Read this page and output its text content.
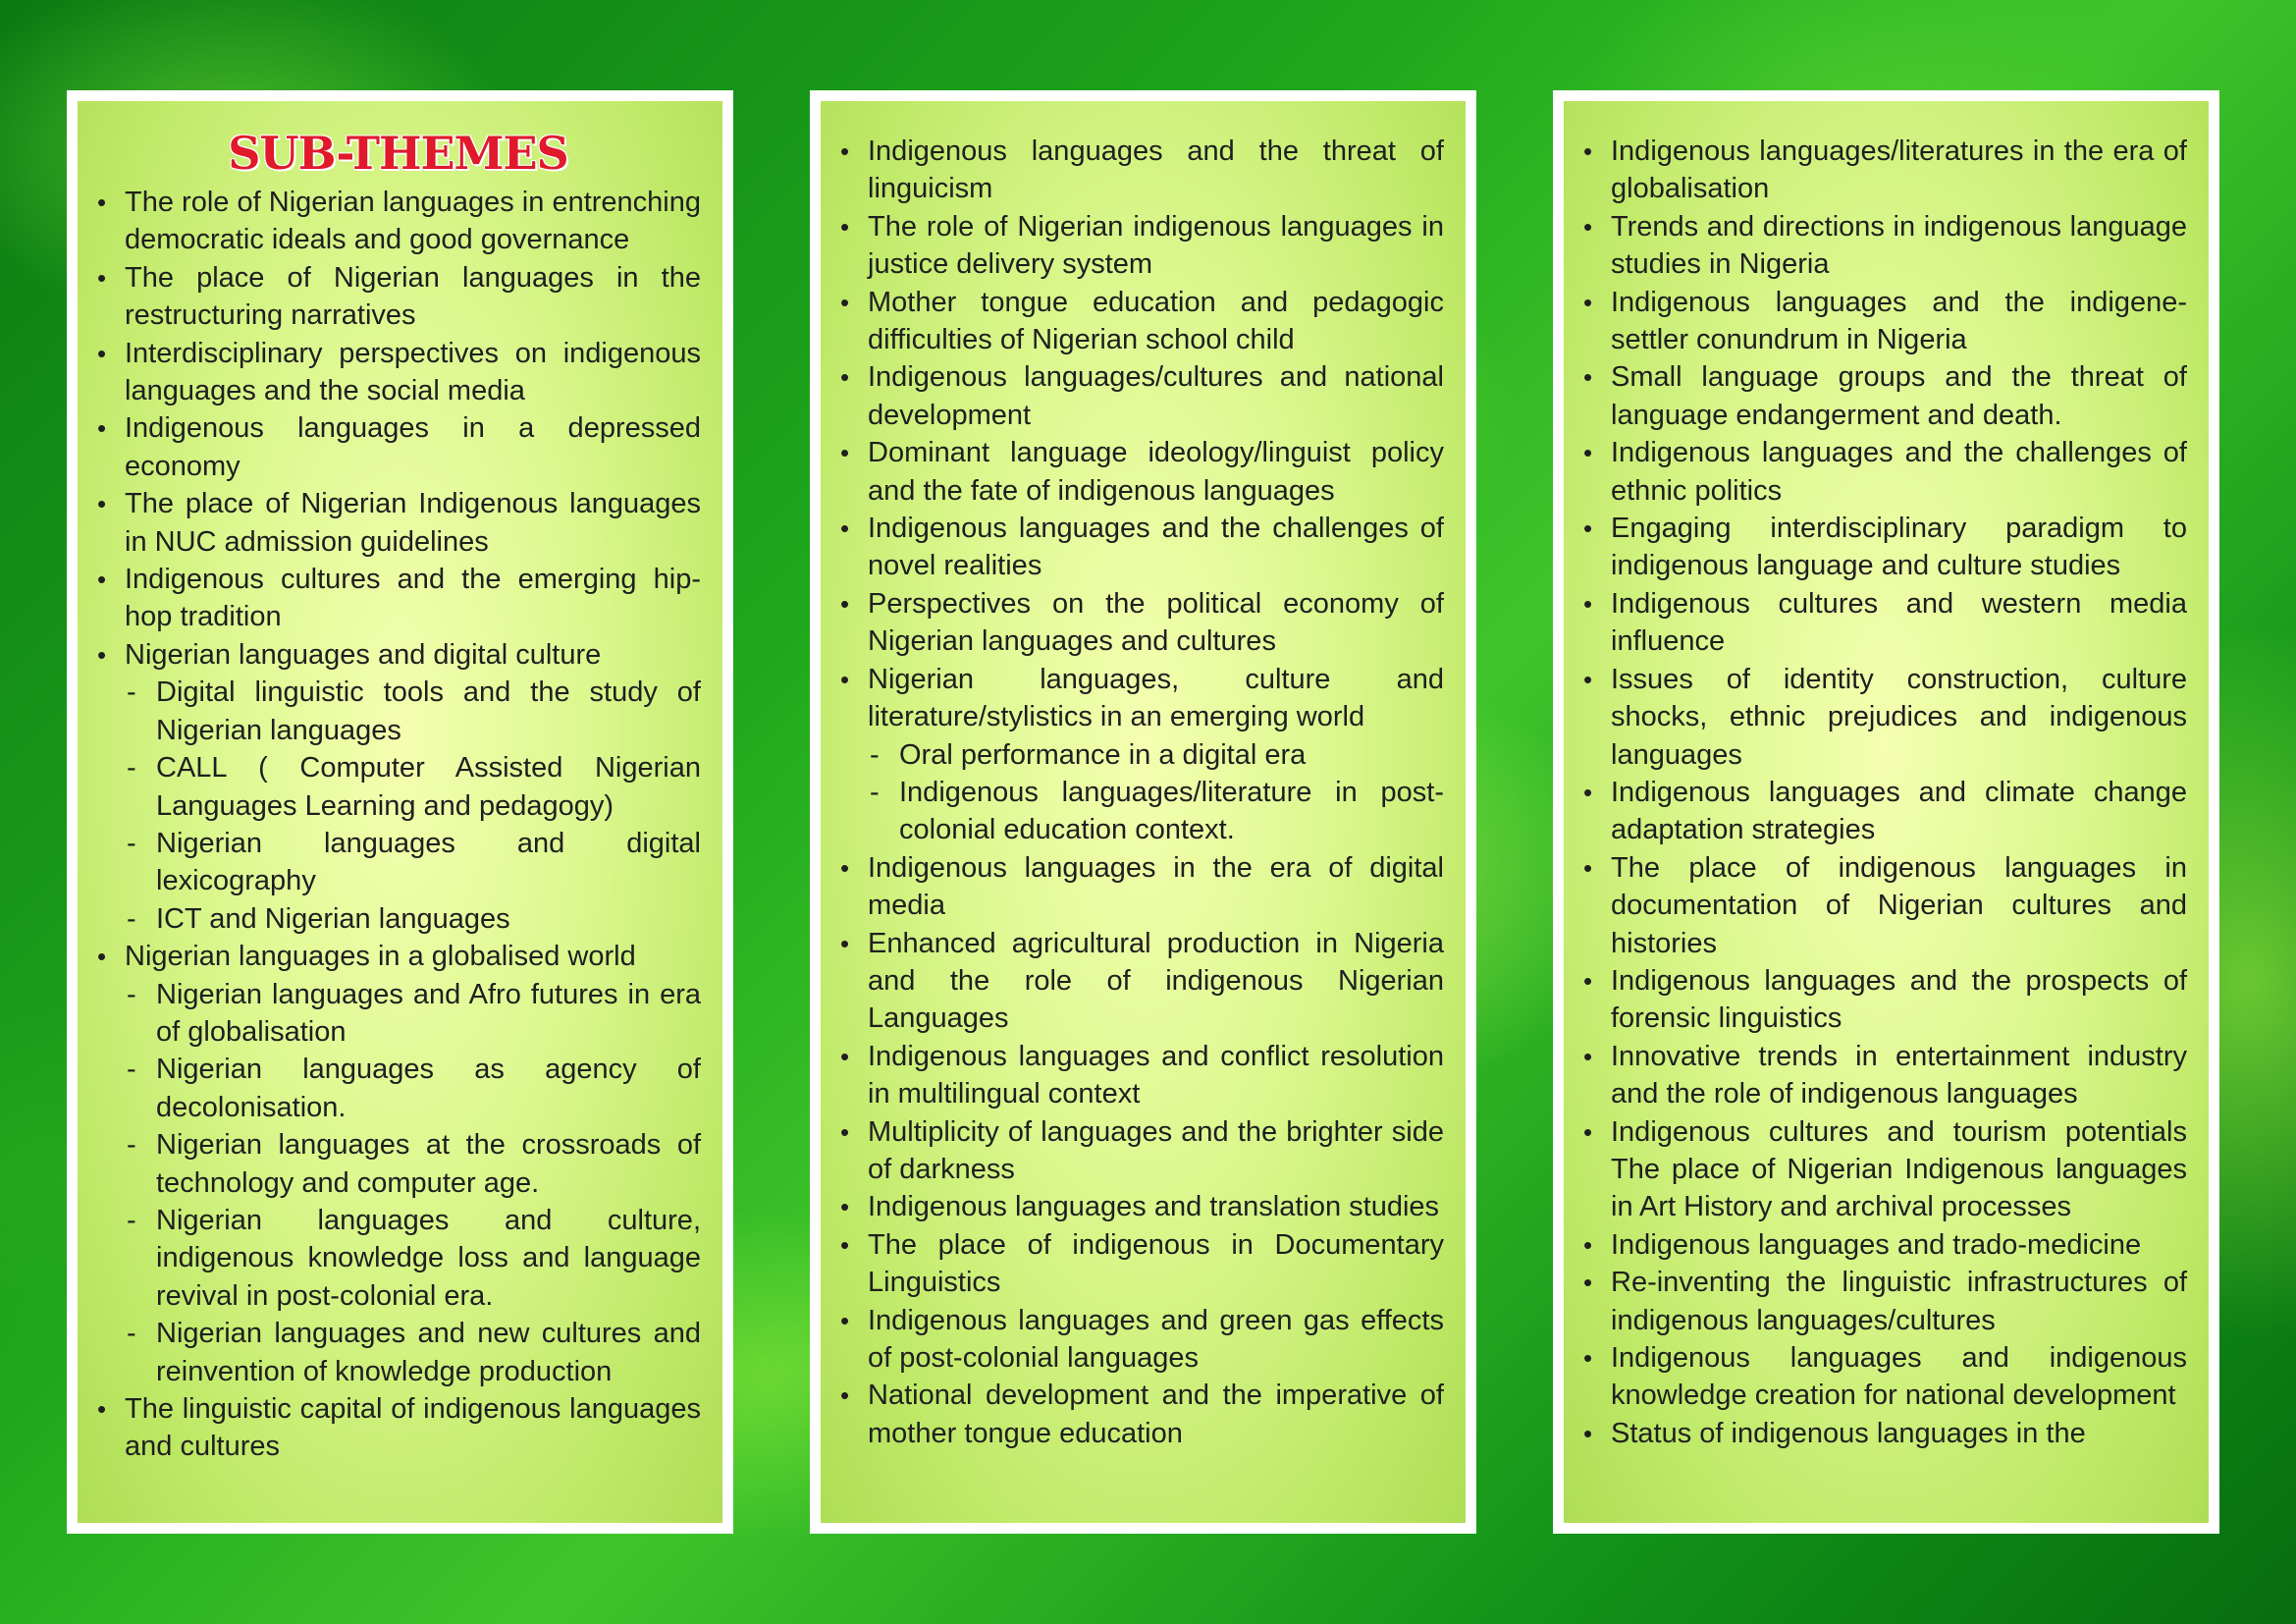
SUB-THEMES
• The role of Nigerian languages in entrenching democratic ideals and good governance
• The place of Nigerian languages in the restructuring narratives
• Interdisciplinary perspectives on indigenous languages and the social media
• Indigenous languages in a depressed economy
• The place of Nigerian Indigenous languages in NUC admission guidelines
• Indigenous cultures and the emerging hip-hop tradition
• Nigerian languages and digital culture
- Digital linguistic tools and the study of Nigerian languages
- CALL ( Computer Assisted Nigerian Languages Learning and pedagogy)
- Nigerian languages and digital lexicography
- ICT and Nigerian languages
• Nigerian languages in a globalised world
- Nigerian languages and Afro futures in era of globalisation
- Nigerian languages as agency of decolonisation.
- Nigerian languages at the crossroads of technology and computer age.
- Nigerian languages and culture, indigenous knowledge loss and language revival in post-colonial era.
- Nigerian languages and new cultures and reinvention of knowledge production
• The linguistic capital of indigenous languages and cultures
• Indigenous languages and the threat of linguicism
• The role of Nigerian indigenous languages in justice delivery system
• Mother tongue education and pedagogic difficulties of Nigerian school child
• Indigenous languages/cultures and national development
• Dominant language ideology/linguist policy and the fate of indigenous languages
• Indigenous languages and the challenges of novel realities
• Perspectives on the political economy of Nigerian languages and cultures
• Nigerian languages, culture and literature/stylistics in an emerging world
- Oral performance in a digital era
- Indigenous languages/literature in post-colonial education context.
• Indigenous languages in the era of digital media
• Enhanced agricultural production in Nigeria and the role of indigenous Nigerian Languages
• Indigenous languages and conflict resolution in multilingual context
• Multiplicity of languages and the brighter side of darkness
• Indigenous languages and translation studies
• The place of indigenous in Documentary Linguistics
• Indigenous languages and green gas effects of post-colonial languages
• National development and the imperative of mother tongue education
• Indigenous languages/literatures in the era of globalisation
• Trends and directions in indigenous language studies in Nigeria
• Indigenous languages and the indigene-settler conundrum in Nigeria
• Small language groups and the threat of language endangerment and death.
• Indigenous languages and the challenges of ethnic politics
• Engaging interdisciplinary paradigm to indigenous language and culture studies
• Indigenous cultures and western media influence
• Issues of identity construction, culture shocks, ethnic prejudices and indigenous languages
• Indigenous languages and climate change adaptation strategies
• The place of indigenous languages in documentation of Nigerian cultures and histories
• Indigenous languages and the prospects of forensic linguistics
• Innovative trends in entertainment industry and the role of indigenous languages
• Indigenous cultures and tourism potentials The place of Nigerian Indigenous languages in Art History and archival processes
• Indigenous languages and trado-medicine
• Re-inventing the linguistic infrastructures of indigenous languages/cultures
• Indigenous languages and indigenous knowledge creation for national development
• Status of indigenous languages in the
